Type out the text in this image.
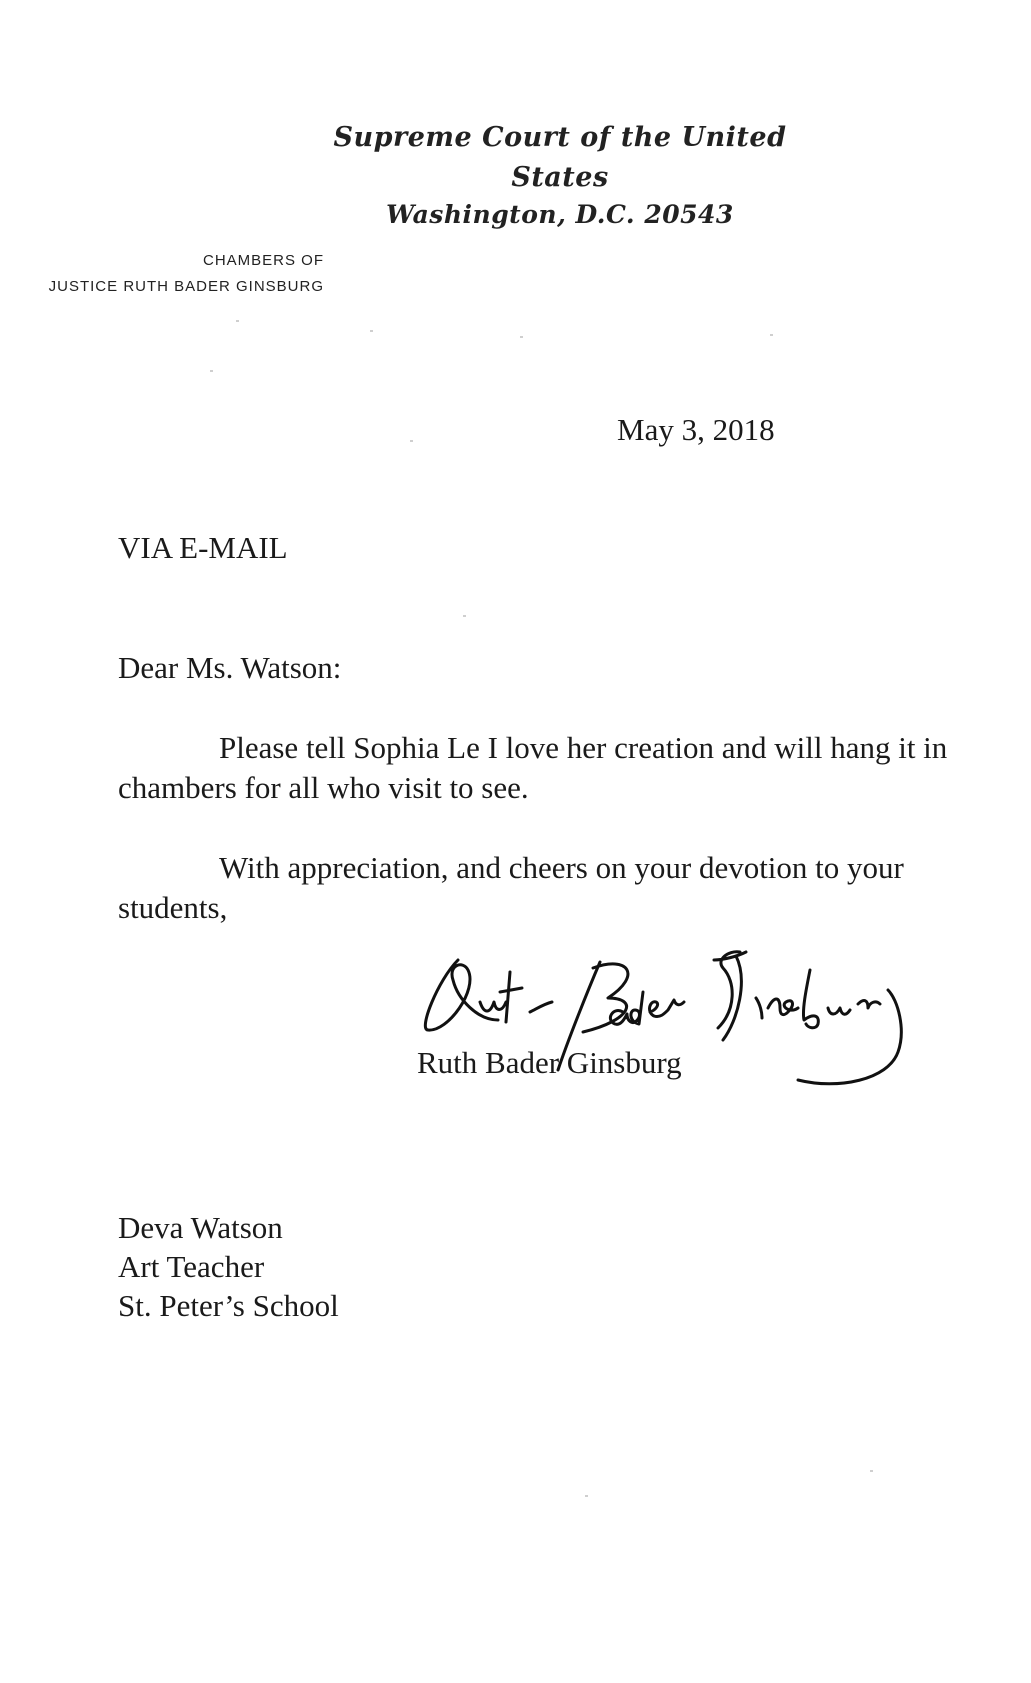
Supreme Court of the United States
Washington, D.C. 20543
CHAMBERS OF
JUSTICE RUTH BADER GINSBURG
May 3, 2018
VIA E-MAIL
Dear Ms. Watson:
Please tell Sophia Le I love her creation and will hang it in chambers for all who visit to see.
With appreciation, and cheers on your devotion to your students,
Ruth Bader Ginsburg
Deva Watson
Art Teacher
St. Peter’s School
